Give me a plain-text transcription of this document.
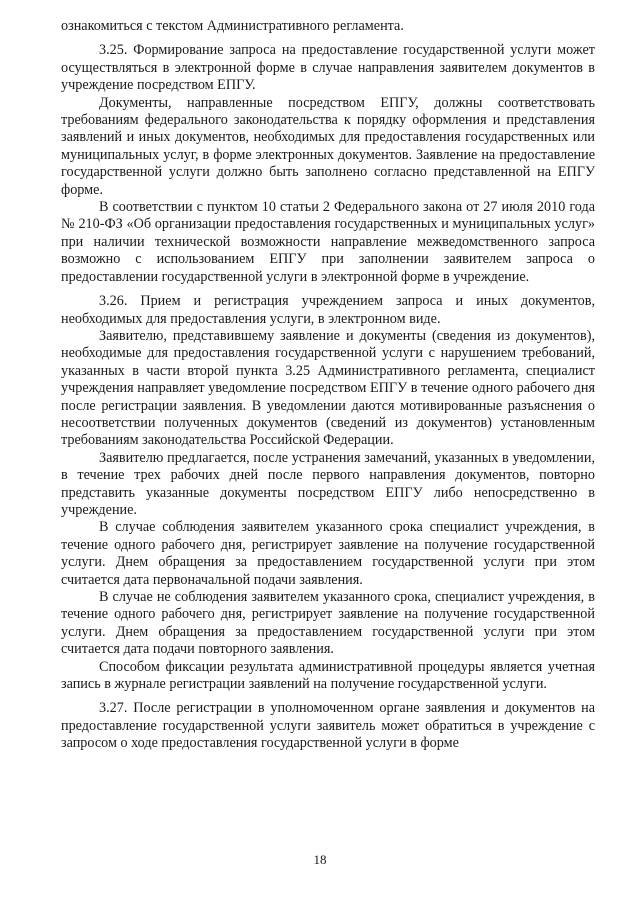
ознакомиться с текстом Административного регламента.

3.25. Формирование запроса на предоставление государственной услуги может осуществляться в электронной форме в случае направления заявителем документов в учреждение посредством ЕПГУ.

Документы, направленные посредством ЕПГУ, должны соответствовать требованиям федерального законодательства к порядку оформления и представления заявлений и иных документов, необходимых для предоставления государственных или муниципальных услуг, в форме электронных документов. Заявление на предоставление государственной услуги должно быть заполнено согласно представленной на ЕПГУ форме.

В соответствии с пунктом 10 статьи 2 Федерального закона от 27 июля 2010 года № 210-ФЗ «Об организации предоставления государственных и муниципальных услуг» при наличии технической возможности направление межведомственного запроса возможно с использованием ЕПГУ при заполнении заявителем запроса о предоставлении государственной услуги в электронной форме в учреждение.

3.26. Прием и регистрация учреждением запроса и иных документов, необходимых для предоставления услуги, в электронном виде.

Заявителю, представившему заявление и документы (сведения из документов), необходимые для предоставления государственной услуги с нарушением требований, указанных в части второй пункта 3.25 Административного регламента, специалист учреждения направляет уведомление посредством ЕПГУ в течение одного рабочего дня после регистрации заявления. В уведомлении даются мотивированные разъяснения о несоответствии полученных документов (сведений из документов) установленным требованиям законодательства Российской Федерации.

Заявителю предлагается, после устранения замечаний, указанных в уведомлении, в течение трех рабочих дней после первого направления документов, повторно представить указанные документы посредством ЕПГУ либо непосредственно в учреждение.

В случае соблюдения заявителем указанного срока специалист учреждения, в течение одного рабочего дня, регистрирует заявление на получение государственной услуги. Днем обращения за предоставлением государственной услуги при этом считается дата первоначальной подачи заявления.

В случае не соблюдения заявителем указанного срока, специалист учреждения, в течение одного рабочего дня, регистрирует заявление на получение государственной услуги. Днем обращения за предоставлением государственной услуги при этом считается дата подачи повторного заявления.

Способом фиксации результата административной процедуры является учетная запись в журнале регистрации заявлений на получение государственной услуги.

3.27. После регистрации в уполномоченном органе заявления и документов на предоставление государственной услуги заявитель может обратиться в учреждение с запросом о ходе предоставления государственной услуги в форме

18
